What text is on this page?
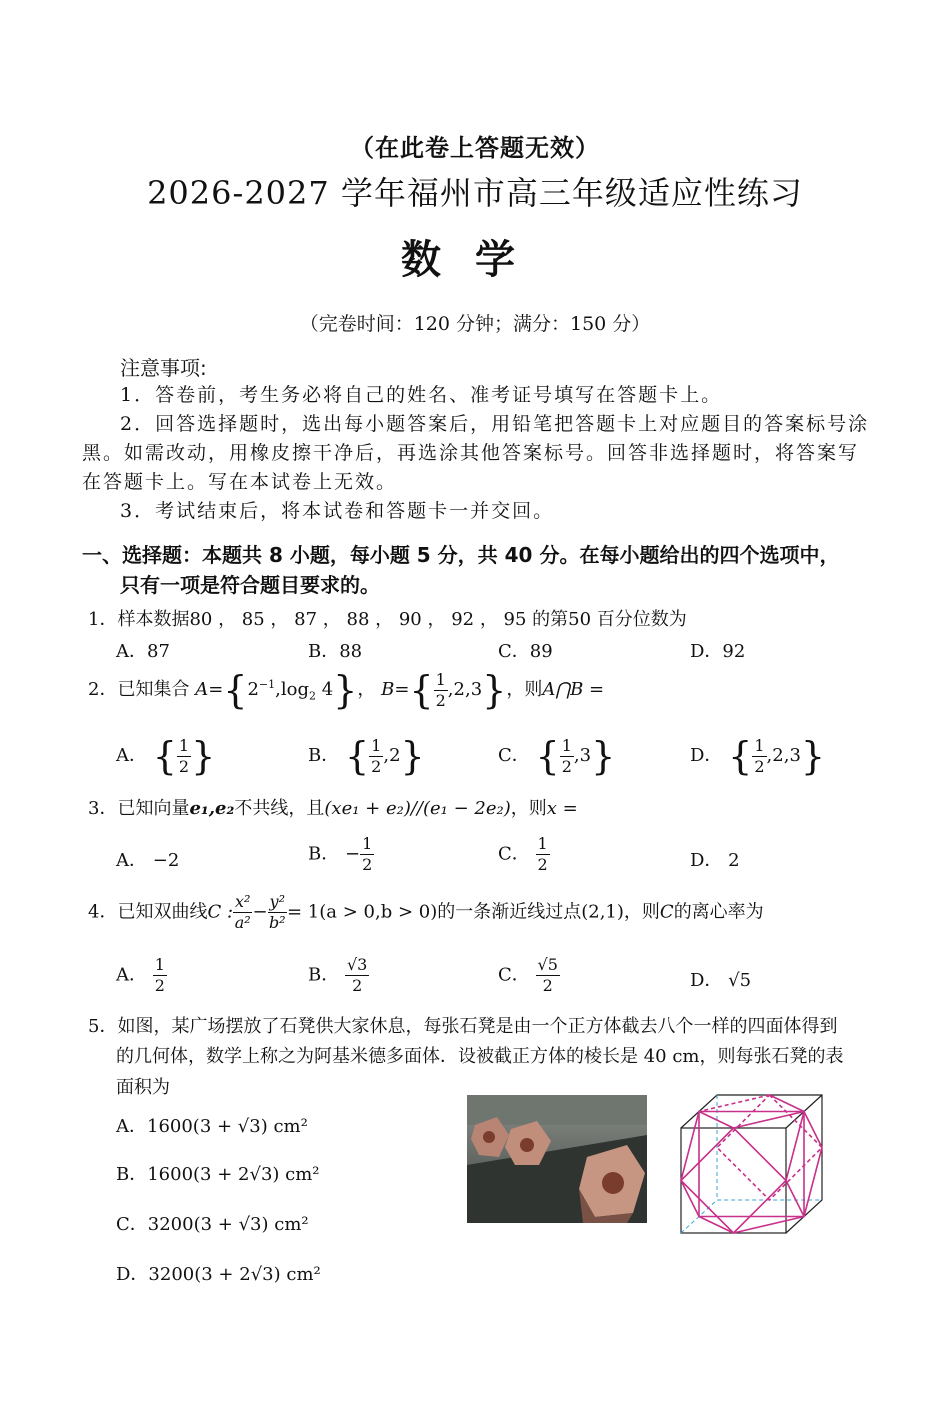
（在此卷上答题无效）
2026-2027 学年福州市高三年级适应性练习
数学
（完卷时间：120 分钟；满分：150 分）
注意事项:
1．答卷前，考生务必将自己的姓名、准考证号填写在答题卡上。
2．回答选择题时，选出每小题答案后，用铅笔把答题卡上对应题目的答案标号涂黑。如需改动，用橡皮擦干净后，再选涂其他答案标号。回答非选择题时，将答案写在答题卡上。写在本试卷上无效。
3．考试结束后，将本试卷和答题卡一并交回。
一、选择题：本题共 8 小题，每小题 5 分，共 40 分。在每小题给出的四个选项中，
只有一项是符合题目要求的。
1．样本数据80 ， 85 ， 87 ， 88 ， 90 ， 92 ， 95 的第50 百分位数为
A．87	B．88	C．89	D．92
2．已知集合 $A=\{2^{-1},\log_2$ 4}， $B=\{ \frac{1}{2} ,2,3\}$，则A⋂B =
A． { $\frac{1}{2}$ }	B． { $\frac{1}{2} ,2$}	C． { $\frac{1}{2} ,3$}	D． { $\frac{1}{2} ,2,3$}
3．已知向量e₁,e₂不共线，且(xe₁ + e₂)//(e₁ − 2e₂)，则x =
A． −2	B． − $\frac{1}{2}$	C． $\frac{1}{2}$	D． 2
4．已知双曲线C : $\frac{\text{x²}}{\text{a²}} - \frac{\text{y²}}{\text{b²}} = 1(a > 0,b > 0)$的一条渐近线过点(2,1)，则C的离心率为
A． $\frac{1}{2}$	B． $\frac{√3}{2}$	C． $\frac{√5}{2}$	D． √5
5．如图，某广场摆放了石凳供大家休息，每张石凳是由一个正方体截去八个一样的四面体得到
的几何体，数学上称之为阿基米德多面体．设被截正方体的棱长是 40 cm，则每张石凳的表
面积为
A．1600(3 + √3) cm²
B．1600(3 + 2√3) cm²
C．3200(3 + √3) cm²
D．3200(3 + 2√3) cm²
